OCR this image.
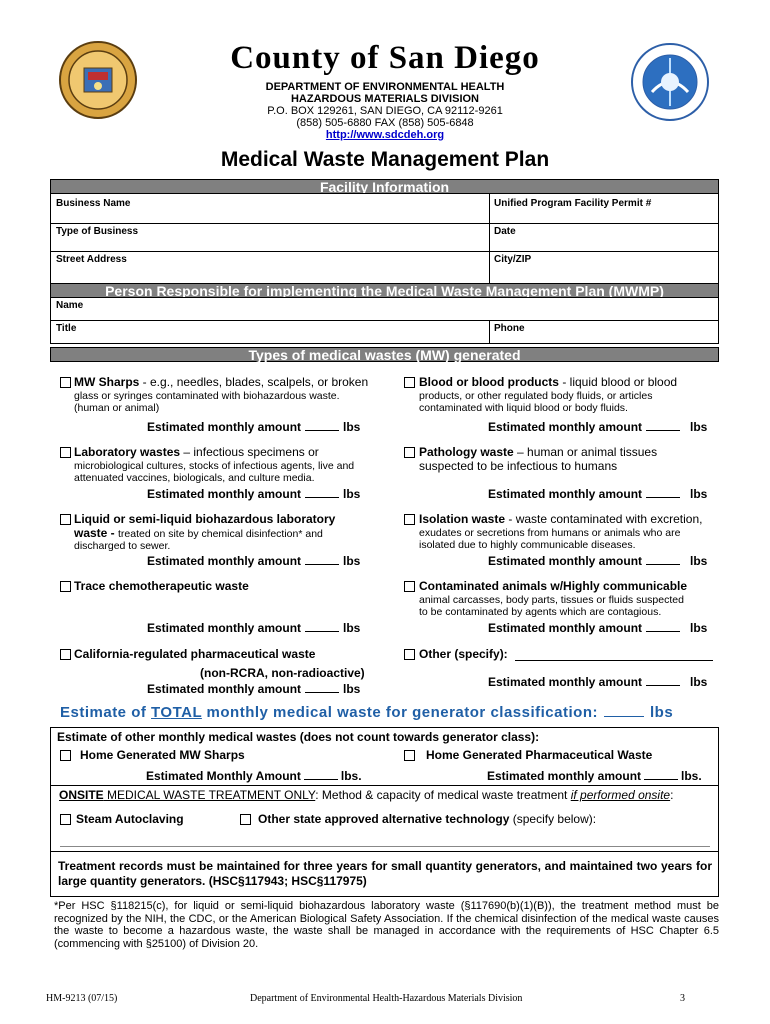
County of San Diego
DEPARTMENT OF ENVIRONMENTAL HEALTH
HAZARDOUS MATERIALS DIVISION
P.O. BOX 129261, SAN DIEGO, CA 92112-9261
(858) 505-6880 FAX (858) 505-6848
http://www.sdcdeh.org
Medical Waste Management Plan
Facility Information
Business Name	Unified Program Facility Permit #
Type of Business	Date
Street Address	City/ZIP
Person Responsible for implementing the Medical Waste Management Plan (MWMP)
Name
Title	Phone
Types of medical wastes (MW) generated
MW Sharps - e.g., needles, blades, scalpels, or broken
glass or syringes contaminated with biohazardous waste.
(human or animal)
Estimated monthly amount	lbs
Blood or blood products - liquid blood or blood
products, or other regulated body fluids, or articles
contaminated with liquid blood or body fluids.
Estimated monthly amount	lbs
Laboratory wastes – infectious specimens or
microbiological cultures, stocks of infectious agents, live and
attenuated vaccines, biologicals, and culture media.
Estimated monthly amount	lbs
Pathology waste – human or animal tissues
suspected to be infectious to humans
Estimated monthly amount	lbs
Liquid or semi-liquid biohazardous laboratory
waste - treated on site by chemical disinfection* and
discharged to sewer.
Estimated monthly amount	lbs
Isolation waste - waste contaminated with excretion,
exudates or secretions from humans or animals who are
isolated due to highly communicable diseases.
Estimated monthly amount	lbs
Trace chemotherapeutic waste
Estimated monthly amount	lbs
Contaminated animals w/Highly communicable
animal carcasses, body parts, tissues or fluids suspected
to be contaminated by agents which are contagious.
Estimated monthly amount	lbs
California-regulated pharmaceutical waste
(non-RCRA, non-radioactive)
Estimated monthly amount	lbs
Other (specify):
Estimated monthly amount	lbs
Estimate of TOTAL monthly medical waste for generator classification:	lbs
Estimate of other monthly medical wastes (does not count towards generator class):
Home Generated MW Sharps	Home Generated Pharmaceutical Waste
Estimated Monthly Amount	lbs.	Estimated monthly amount	lbs.
ONSITE MEDICAL WASTE TREATMENT ONLY: Method & capacity of medical waste treatment if performed onsite:
Steam Autoclaving	Other state approved alternative technology (specify below):
Treatment records must be maintained for three years for small quantity generators, and maintained two years for large quantity generators. (HSC§117943; HSC§117975)
*Per HSC §118215(c), for liquid or semi-liquid biohazardous laboratory waste (§117690(b)(1)(B)), the treatment method must be recognized by the NIH, the CDC, or the American Biological Safety Association. If the chemical disinfection of the medical waste causes the waste to become a hazardous waste, the waste shall be managed in accordance with the requirements of HSC Chapter 6.5 (commencing with §25100) of Division 20.
HM-9213 (07/15)	Department of Environmental Health-Hazardous Materials Division	3
